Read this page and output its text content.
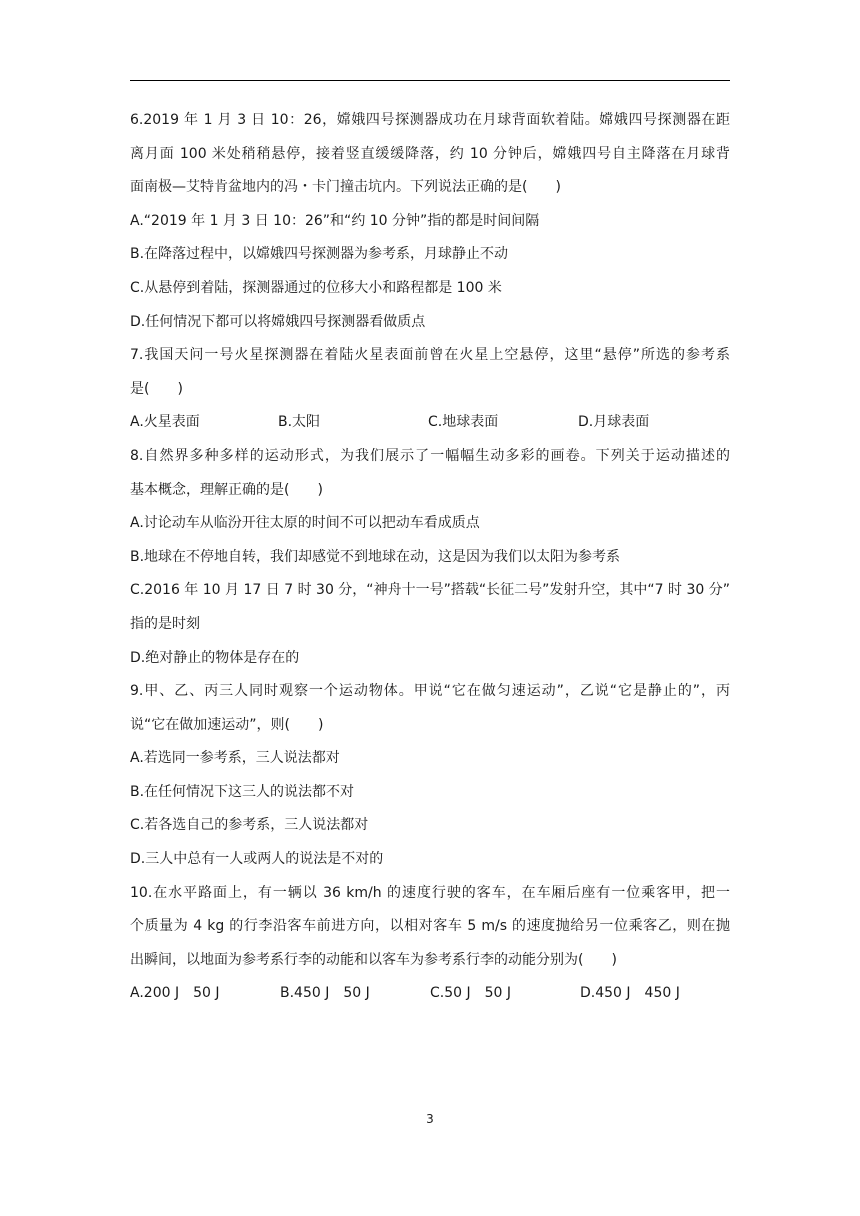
6.2019 年 1 月 3 日 10：26，嫦娥四号探测器成功在月球背面软着陆。嫦娥四号探测器在距
离月面 100 米处稍稍悬停，接着竖直缓缓降落，约 10 分钟后，嫦娥四号自主降落在月球背
面南极—艾特肯盆地内的冯・卡门撞击坑内。下列说法正确的是(　　)
A.“2019 年 1 月 3 日 10：26”和“约 10 分钟”指的都是时间间隔
B.在降落过程中，以嫦娥四号探测器为参考系，月球静止不动
C.从悬停到着陆，探测器通过的位移大小和路程都是 100 米
D.任何情况下都可以将嫦娥四号探测器看做质点
7.我国天问一号火星探测器在着陆火星表面前曾在火星上空悬停，这里“悬停”所选的参考系
是(　　)
A.火星表面	B.太阳	C.地球表面	D.月球表面
8.自然界多种多样的运动形式，为我们展示了一幅幅生动多彩的画卷。下列关于运动描述的
基本概念，理解正确的是(　　)
A.讨论动车从临汾开往太原的时间不可以把动车看成质点
B.地球在不停地自转，我们却感觉不到地球在动，这是因为我们以太阳为参考系
C.2016 年 10 月 17 日 7 时 30 分，“神舟十一号”搭载“长征二号”发射升空，其中“7 时 30 分”
指的是时刻
D.绝对静止的物体是存在的
9.甲、乙、丙三人同时观察一个运动物体。甲说“它在做匀速运动”，乙说“它是静止的”，丙
说“它在做加速运动”，则(　　)
A.若选同一参考系，三人说法都对
B.在任何情况下这三人的说法都不对
C.若各选自己的参考系，三人说法都对
D.三人中总有一人或两人的说法是不对的
10.在水平路面上，有一辆以 36 km/h 的速度行驶的客车，在车厢后座有一位乘客甲，把一
个质量为 4 kg 的行李沿客车前进方向，以相对客车 5 m/s 的速度抛给另一位乘客乙，则在抛
出瞬间，以地面为参考系行李的动能和以客车为参考系行李的动能分别为(　　)
A.200 J　50 J	B.450 J　50 J	C.50 J　50 J	D.450 J　450 J
3
